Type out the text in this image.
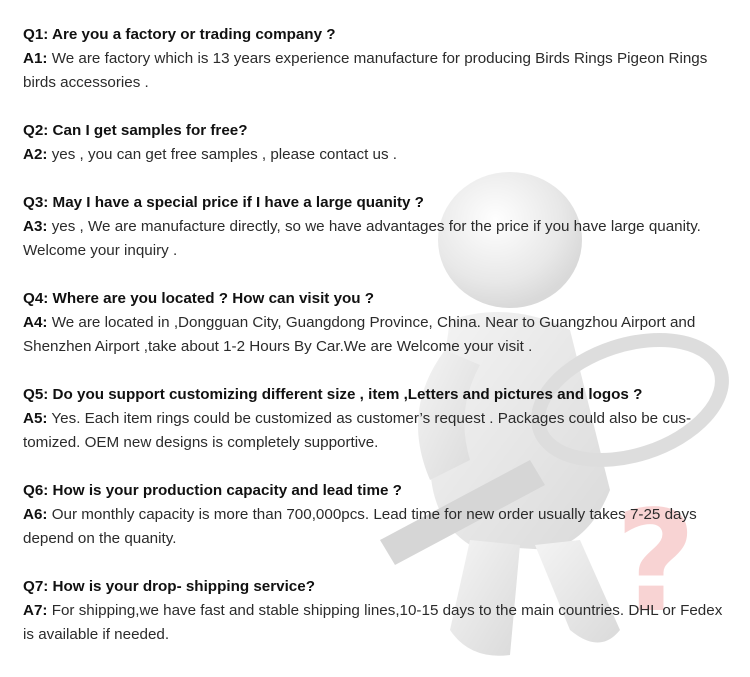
?
Q1: Are you a factory or trading company ?
A1: We are factory which is 13 years experience manufacture for producing Birds Rings Pigeon Rings birds accessories .
Q2: Can I get samples for free?
A2: yes , you can get free samples , please contact us .
Q3: May I have a special price if I have a large quanity ?
A3: yes , We are manufacture directly, so we have advantages for the price if you have large quanity. Welcome your inquiry .
Q4: Where are you located ? How can visit you ?
A4: We are located in ,Dongguan City, Guangdong Province, China. Near to Guangzhou Airport and Shenzhen Airport ,take about 1-2 Hours By Car.We are Welcome your visit .
Q5: Do you support customizing different size , item ,Letters and pictures and logos ?
A5: Yes. Each item rings could be customized as customer’s request . Packages could also be cus-tomized. OEM new designs is completely supportive.
Q6: How is your production capacity and lead time ?
A6: Our monthly capacity is more than 700,000pcs. Lead time for new order usually takes 7-25 days depend on the quanity.
Q7: How is your drop- shipping service?
A7: For shipping,we have fast and stable shipping lines,10-15 days to the main countries. DHL or Fedex is available if needed.
